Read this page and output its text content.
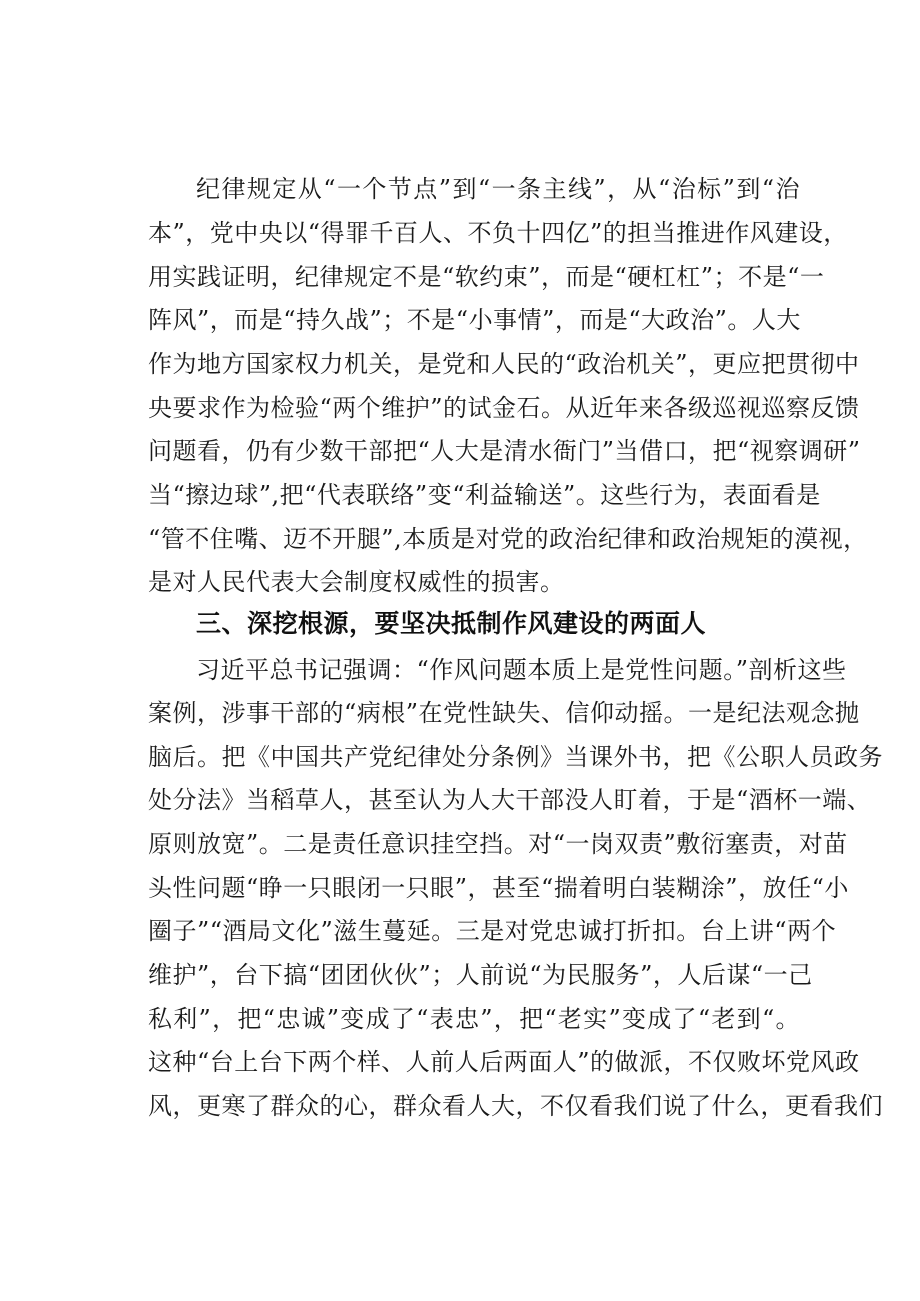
纪律规定从“一个节点”到“一条主线”，从“治标”到“治
本”，党中央以“得罪千百人、不负十四亿”的担当推进作风建设，
用实践证明，纪律规定不是“软约束”，而是“硬杠杠”；不是“一
阵风”，而是“持久战”；不是“小事情”，而是“大政治”。人大
作为地方国家权力机关，是党和人民的“政治机关”，更应把贯彻中
央要求作为检验“两个维护”的试金石。从近年来各级巡视巡察反馈
问题看，仍有少数干部把“人大是清水衙门”当借口，把“视察调研”
当“擦边球”,把“代表联络”变“利益输送”。这些行为，表面看是
“管不住嘴、迈不开腿”,本质是对党的政治纪律和政治规矩的漠视，
是对人民代表大会制度权威性的损害。
三、深挖根源，要坚决抵制作风建设的两面人
习近平总书记强调：“作风问题本质上是党性问题。”剖析这些
案例，涉事干部的“病根”在党性缺失、信仰动摇。一是纪法观念抛
脑后。把《中国共产党纪律处分条例》当课外书，把《公职人员政务
处分法》当稻草人，甚至认为人大干部没人盯着，于是“酒杯一端、
原则放宽”。二是责任意识挂空挡。对“一岗双责”敷衍塞责，对苗
头性问题“睁一只眼闭一只眼”，甚至“揣着明白装糊涂”，放任“小
圈子”“酒局文化”滋生蔓延。三是对党忠诚打折扣。台上讲“两个
维护”，台下搞“团团伙伙”；人前说“为民服务”，人后谋“一己
私利”，把“忠诚”变成了“表忠”，把“老实”变成了“老到“。
这种“台上台下两个样、人前人后两面人”的做派，不仅败坏党风政
风，更寒了群众的心，群众看人大，不仅看我们说了什么，更看我们
